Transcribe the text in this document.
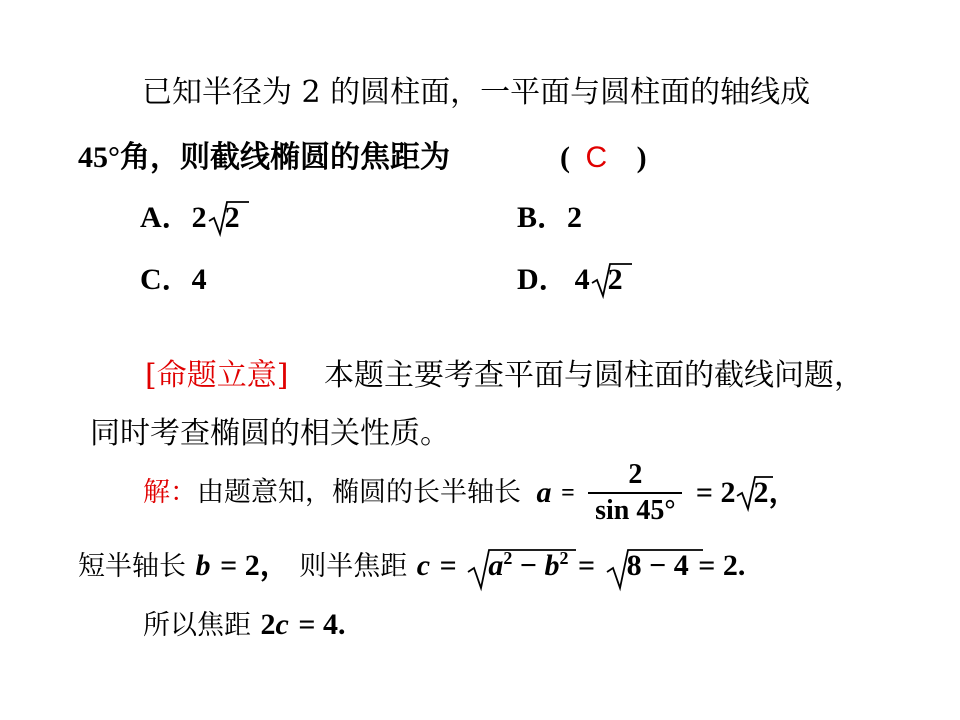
已知半径为 2 的圆柱面，一平面与圆柱面的轴线成
45°角，则截线椭圆的焦距为	( C )
A．2 2	B．2
C．4	D． 4 2
[命题立意] 本题主要考查平面与圆柱面的截线问题，
同时考查椭圆的相关性质。
解：由题意知，椭圆的长半轴长 $a = \frac{2}{\sin 45^\circ} = 2$ 2，
短半轴长 b = 2， 则半焦距 $c = a^2 - b^2 = 8 - 4 = 2$.
所以焦距 2c = 4.
